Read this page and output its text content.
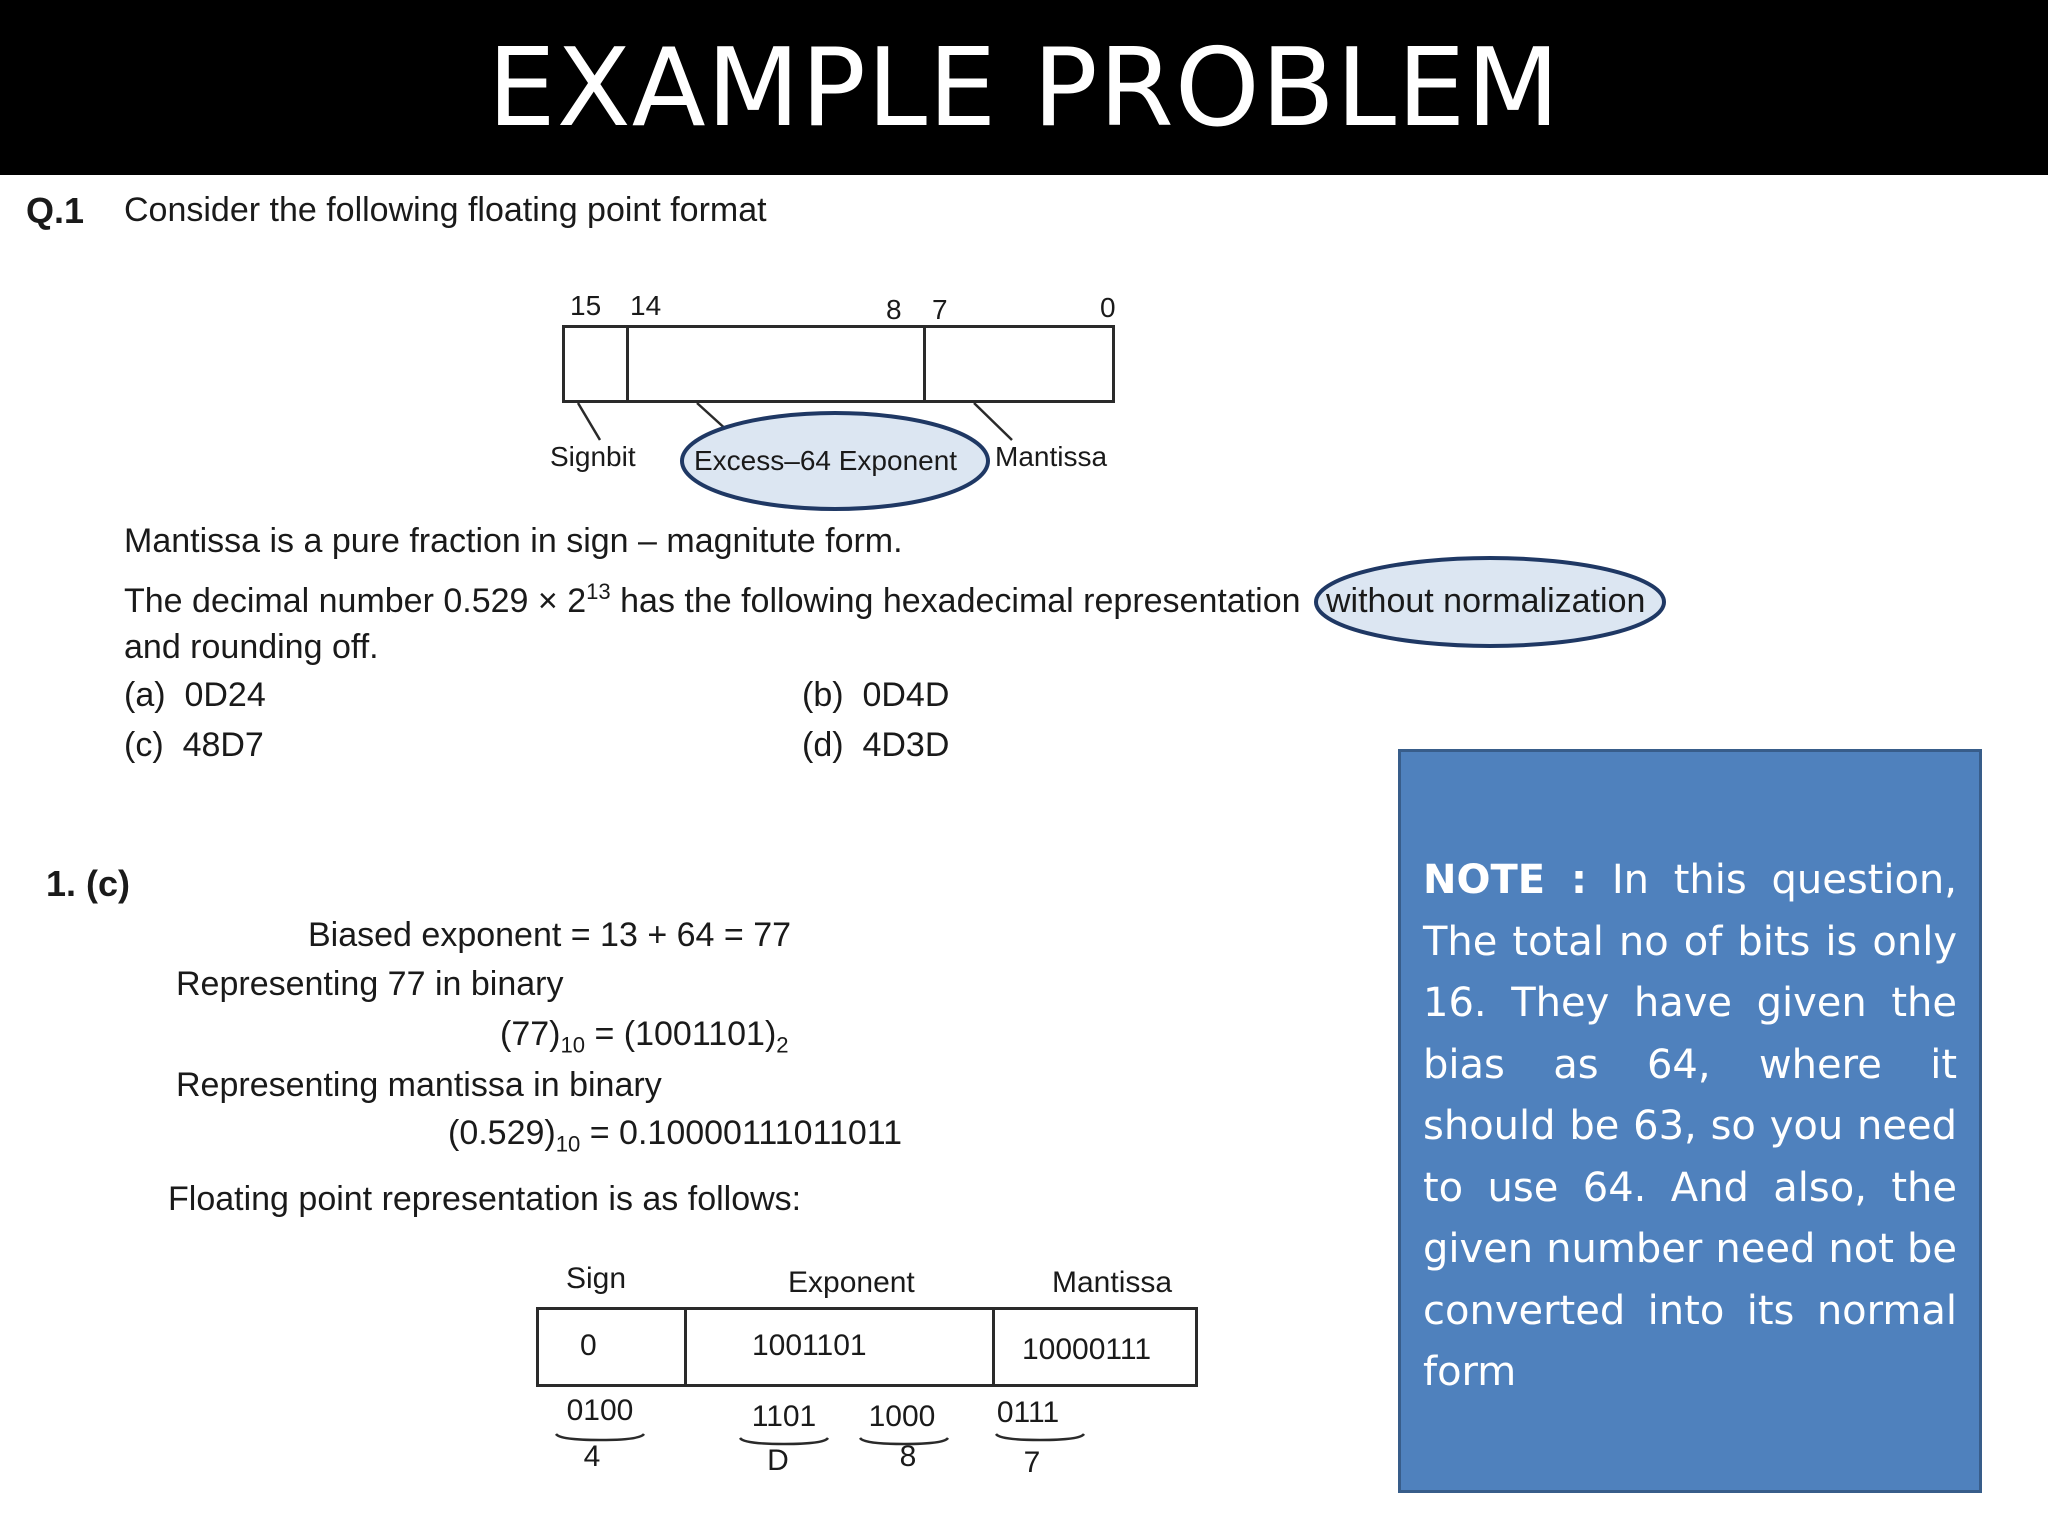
EXAMPLE PROBLEM
Q.1 Consider the following floating point format
15 14	8 7	0
Signbit Excess–64 Exponent Mantissa
Mantissa is a pure fraction in sign – magnitute form.
The decimal number $0.529 \times 2^{13}$ has the following hexadecimal representation without normalization
and rounding off.
(a) 0D24	(b) 0D4D
(c) 48D7	(d) 4D3D
1. (c)
Biased exponent = 13 + 64 = 77
Representing 77 in binary
$(77)_{10} = (1001101)_2$
Representing mantissa in binary
$(0.529)_{10} = 0.10000111011011$
Floating point representation is as follows:
Sign	Exponent	Mantissa
0	1001101	10000111
0100	1101	1000	0111
4	D	8	7
NOTE : In this question, The total no of bits is only 16. They have given the bias as 64, where it should be 63, so you need to use 64. And also, the given number need not be converted into its normal form
